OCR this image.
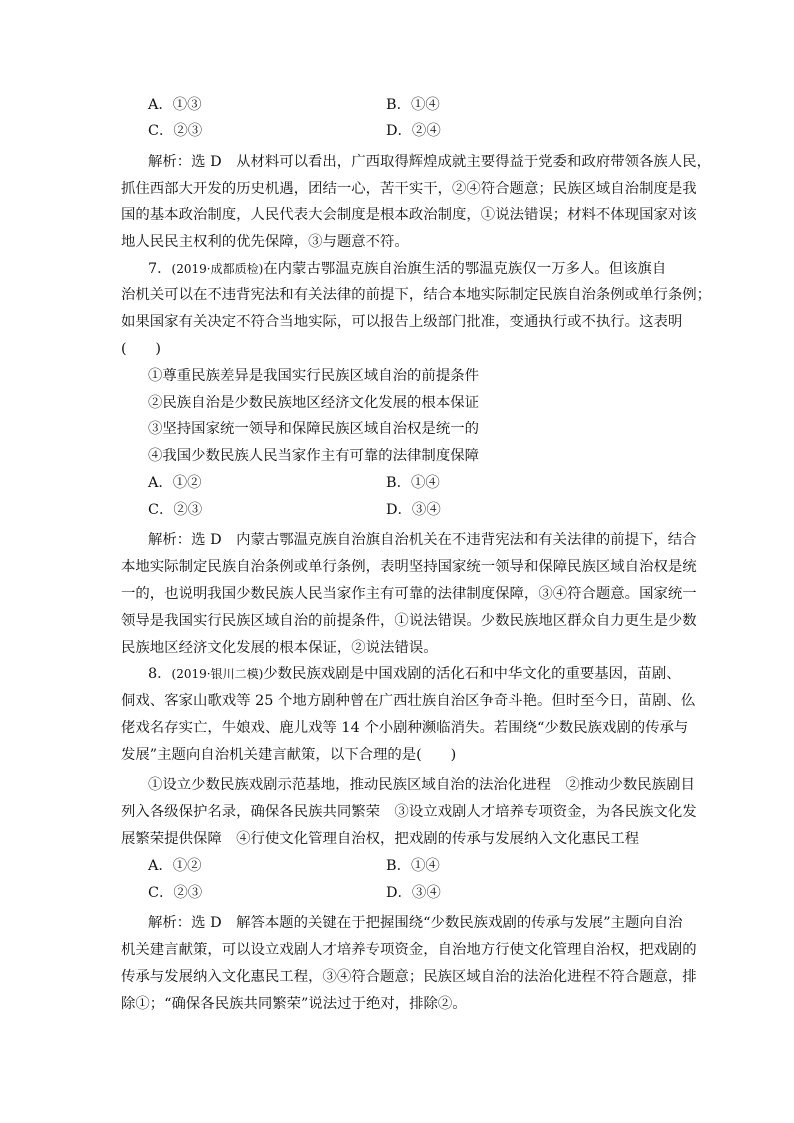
A．①③	B．①④
C．②③	D．②④
解析：选 D　从材料可以看出，广西取得辉煌成就主要得益于党委和政府带领各族人民，
抓住西部大开发的历史机遇，团结一心，苦干实干，②④符合题意；民族区域自治制度是我
国的基本政治制度，人民代表大会制度是根本政治制度，①说法错误；材料不体现国家对该
地人民民主权利的优先保障，③与题意不符。
7．(2019·成都质检)在内蒙古鄂温克族自治旗生活的鄂温克族仅一万多人。但该旗自
治机关可以在不违背宪法和有关法律的前提下，结合本地实际制定民族自治条例或单行条例；
如果国家有关决定不符合当地实际，可以报告上级部门批准，变通执行或不执行。这表明
(　　)
①尊重民族差异是我国实行民族区域自治的前提条件
②民族自治是少数民族地区经济文化发展的根本保证
③坚持国家统一领导和保障民族区域自治权是统一的
④我国少数民族人民当家作主有可靠的法律制度保障
A．①②	B．①④
C．②③	D．③④
解析：选 D　内蒙古鄂温克族自治旗自治机关在不违背宪法和有关法律的前提下，结合
本地实际制定民族自治条例或单行条例，表明坚持国家统一领导和保障民族区域自治权是统
一的，也说明我国少数民族人民当家作主有可靠的法律制度保障，③④符合题意。国家统一
领导是我国实行民族区域自治的前提条件，①说法错误。少数民族地区群众自力更生是少数
民族地区经济文化发展的根本保证，②说法错误。
8．(2019·银川二模)少数民族戏剧是中国戏剧的活化石和中华文化的重要基因，苗剧、
侗戏、客家山歌戏等 25 个地方剧种曾在广西壮族自治区争奇斗艳。但时至今日，苗剧、仫
佬戏名存实亡，牛娘戏、鹿儿戏等 14 个小剧种濒临消失。若围绕“少数民族戏剧的传承与
发展”主题向自治机关建言献策，以下合理的是(　　)
①设立少数民族戏剧示范基地，推动民族区域自治的法治化进程　②推动少数民族剧目
列入各级保护名录，确保各民族共同繁荣　③设立戏剧人才培养专项资金，为各民族文化发
展繁荣提供保障　④行使文化管理自治权，把戏剧的传承与发展纳入文化惠民工程
A．①②	B．①④
C．②③	D．③④
解析：选 D　解答本题的关键在于把握围绕“少数民族戏剧的传承与发展”主题向自治
机关建言献策，可以设立戏剧人才培养专项资金，自治地方行使文化管理自治权，把戏剧的
传承与发展纳入文化惠民工程，③④符合题意；民族区域自治的法治化进程不符合题意，排
除①；“确保各民族共同繁荣”说法过于绝对，排除②。
